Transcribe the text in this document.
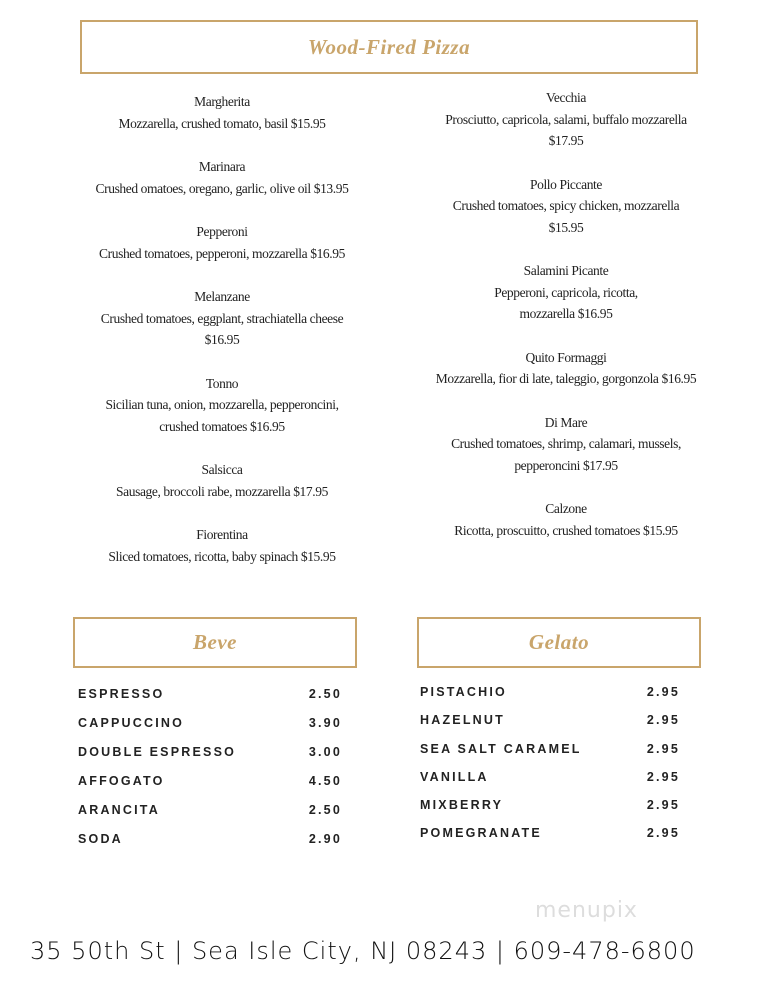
Wood-Fired Pizza
Margherita
Mozzarella, crushed tomato, basil $15.95
Marinara
Crushed omatoes, oregano, garlic, olive oil $13.95
Pepperoni
Crushed tomatoes, pepperoni, mozzarella $16.95
Melanzane
Crushed tomatoes, eggplant, strachiatella cheese
$16.95
Tonno
Sicilian tuna, onion, mozzarella, pepperoncini,
crushed tomatoes $16.95
Salsicca
Sausage, broccoli rabe, mozzarella $17.95
Fiorentina
Sliced tomatoes, ricotta, baby spinach $15.95
Vecchia
Prosciutto, capricola, salami, buffalo mozzarella
$17.95
Pollo Piccante
Crushed tomatoes, spicy chicken, mozzarella
$15.95
Salamini Picante
Pepperoni, capricola, ricotta,
mozzarella $16.95
Quito Formaggi
Mozzarella, fior di late, taleggio, gorgonzola $16.95
Di Mare
Crushed tomatoes, shrimp, calamari, mussels,
pepperoncini $17.95
Calzone
Ricotta, proscuitto, crushed tomatoes $15.95
Beve	Gelato
ESPRESSO	2.50
CAPPUCCINO	3.90
DOUBLE ESPRESSO	3.00
AFFOGATO	4.50
ARANCITA	2.50
SODA	2.90
PISTACHIO	2.95
HAZELNUT	2.95
SEA SALT CARAMEL	2.95
VANILLA	2.95
MIXBERRY	2.95
POMEGRANATE	2.95
menupix
35 50th St | Sea Isle City, NJ 08243 | 609-478-6800
